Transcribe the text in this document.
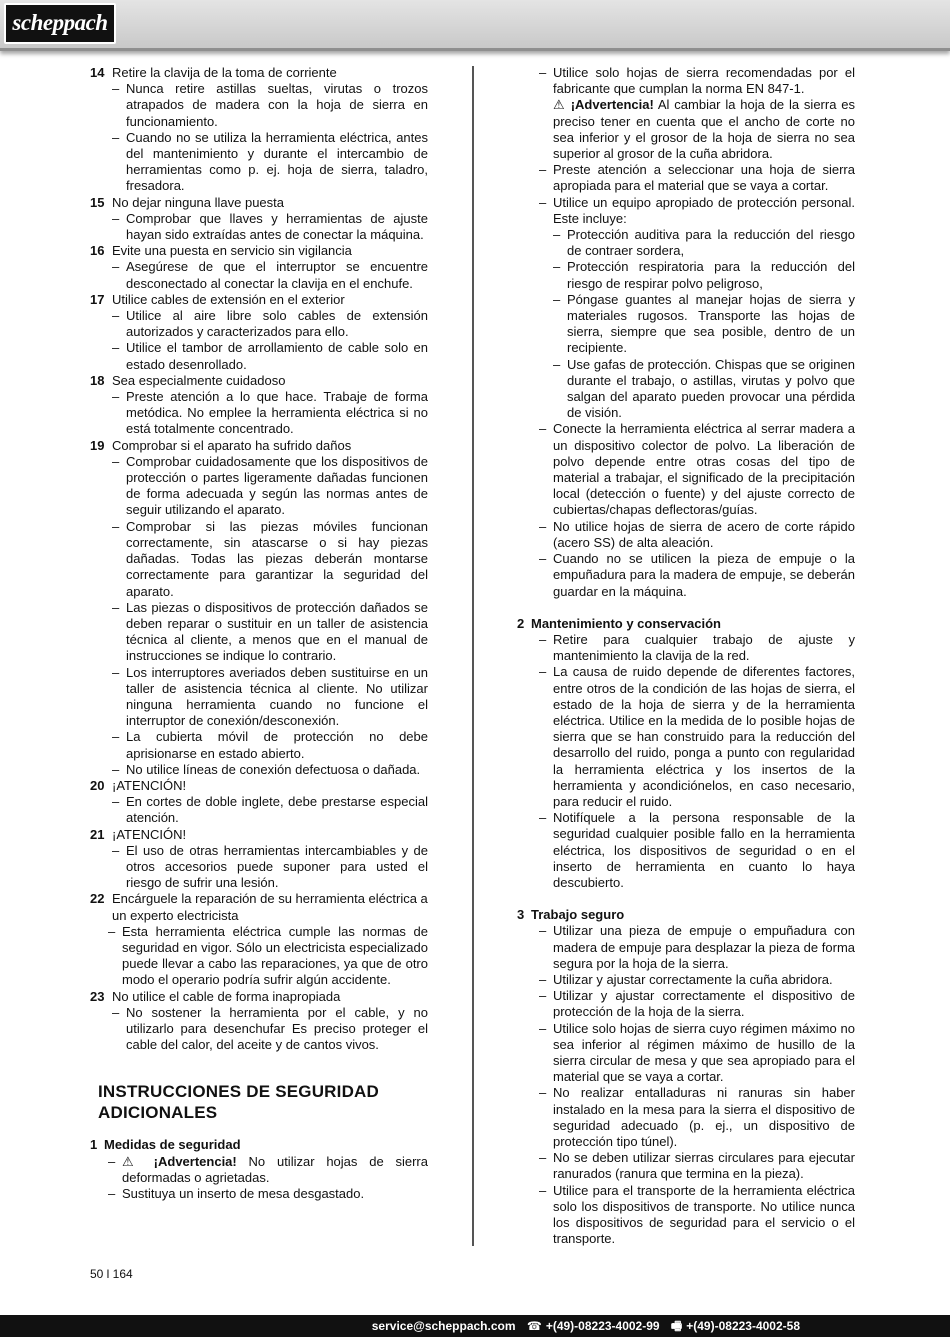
scheppach
14 Retire la clavija de la toma de corriente
– Nunca retire astillas sueltas, virutas o trozos atrapados de madera con la hoja de sierra en funcionamiento.
– Cuando no se utiliza la herramienta eléctrica, antes del mantenimiento y durante el intercambio de herramientas como p. ej. hoja de sierra, taladro, fresadora.
15 No dejar ninguna llave puesta
– Comprobar que llaves y herramientas de ajuste hayan sido extraídas antes de conectar la máquina.
16 Evite una puesta en servicio sin vigilancia
– Asegúrese de que el interruptor se encuentre desconectado al conectar la clavija en el enchufe.
17 Utilice cables de extensión en el exterior
– Utilice al aire libre solo cables de extensión autorizados y caracterizados para ello.
– Utilice el tambor de arrollamiento de cable solo en estado desenrollado.
18 Sea especialmente cuidadoso
– Preste atención a lo que hace. Trabaje de forma metódica. No emplee la herramienta eléctrica si no está totalmente concentrado.
19 Comprobar si el aparato ha sufrido daños
– Comprobar cuidadosamente que los dispositivos de protección o partes ligeramente dañadas funcionen de forma adecuada y según las normas antes de seguir utilizando el aparato.
– Comprobar si las piezas móviles funcionan correctamente, sin atascarse o si hay piezas dañadas. Todas las piezas deberán montarse correctamente para garantizar la seguridad del aparato.
– Las piezas o dispositivos de protección dañados se deben reparar o sustituir en un taller de asistencia técnica al cliente, a menos que en el manual de instrucciones se indique lo contrario.
– Los interruptores averiados deben sustituirse en un taller de asistencia técnica al cliente. No utilizar ninguna herramienta cuando no funcione el interruptor de conexión/desconexión.
– La cubierta móvil de protección no debe aprisionarse en estado abierto.
– No utilice líneas de conexión defectuosa o dañada.
20 ¡ATENCIÓN!
– En cortes de doble inglete, debe prestarse especial atención.
21 ¡ATENCIÓN!
– El uso de otras herramientas intercambiables y de otros accesorios puede suponer para usted el riesgo de sufrir una lesión.
22 Encárguele la reparación de su herramienta eléctrica a un experto electricista
– Esta herramienta eléctrica cumple las normas de seguridad en vigor. Sólo un electricista especializado puede llevar a cabo las reparaciones, ya que de otro modo el operario podría sufrir algún accidente.
23 No utilice el cable de forma inapropiada
– No sostener la herramienta por el cable, y no utilizarlo para desenchufar Es preciso proteger el cable del calor, del aceite y de cantos vivos.
INSTRUCCIONES DE SEGURIDAD ADICIONALES
1 Medidas de seguridad
– ⚠ ¡Advertencia! No utilizar hojas de sierra deformadas o agrietadas.
– Sustituya un inserto de mesa desgastado.
– Utilice solo hojas de sierra recomendadas por el fabricante que cumplan la norma EN 847-1.
⚠ ¡Advertencia! Al cambiar la hoja de la sierra es preciso tener en cuenta que el ancho de corte no sea inferior y el grosor de la hoja de sierra no sea superior al grosor de la cuña abridora.
– Preste atención a seleccionar una hoja de sierra apropiada para el material que se vaya a cortar.
– Utilice un equipo apropiado de protección personal. Este incluye:
– Protección auditiva para la reducción del riesgo de contraer sordera,
– Protección respiratoria para la reducción del riesgo de respirar polvo peligroso,
– Póngase guantes al manejar hojas de sierra y materiales rugosos. Transporte las hojas de sierra, siempre que sea posible, dentro de un recipiente.
– Use gafas de protección. Chispas que se originen durante el trabajo, o astillas, virutas y polvo que salgan del aparato pueden provocar una pérdida de visión.
– Conecte la herramienta eléctrica al serrar madera a un dispositivo colector de polvo. La liberación de polvo depende entre otras cosas del tipo de material a trabajar, el significado de la precipitación local (detección o fuente) y del ajuste correcto de cubiertas/chapas deflectoras/guías.
– No utilice hojas de sierra de acero de corte rápido (acero SS) de alta aleación.
– Cuando no se utilicen la pieza de empuje o la empuñadura para la madera de empuje, se deberán guardar en la máquina.
2 Mantenimiento y conservación
– Retire para cualquier trabajo de ajuste y mantenimiento la clavija de la red.
– La causa de ruido depende de diferentes factores, entre otros de la condición de las hojas de sierra, el estado de la hoja de sierra y de la herramienta eléctrica. Utilice en la medida de lo posible hojas de sierra que se han construido para la reducción del desarrollo del ruido, ponga a punto con regularidad la herramienta eléctrica y los insertos de la herramienta y acondiciónelos, en caso necesario, para reducir el ruido.
– Notifíquele a la persona responsable de la seguridad cualquier posible fallo en la herramienta eléctrica, los dispositivos de seguridad o en el inserto de herramienta en cuanto lo haya descubierto.
3 Trabajo seguro
– Utilizar una pieza de empuje o empuñadura con madera de empuje para desplazar la pieza de forma segura por la hoja de la sierra.
– Utilizar y ajustar correctamente la cuña abridora.
– Utilizar y ajustar correctamente el dispositivo de protección de la hoja de la sierra.
– Utilice solo hojas de sierra cuyo régimen máximo no sea inferior al régimen máximo de husillo de la sierra circular de mesa y que sea apropiado para el material que se vaya a cortar.
– No realizar entalladuras ni ranuras sin haber instalado en la mesa para la sierra el dispositivo de seguridad adecuado (p. ej., un dispositivo de protección tipo túnel).
– No se deben utilizar sierras circulares para ejecutar ranurados (ranura que termina en la pieza).
– Utilice para el transporte de la herramienta eléctrica solo los dispositivos de transporte. No utilice nunca los dispositivos de seguridad para el servicio o el transporte.
50 l 164
service@scheppach.com ☎ +(49)-08223-4002-99 🖷 +(49)-08223-4002-58
